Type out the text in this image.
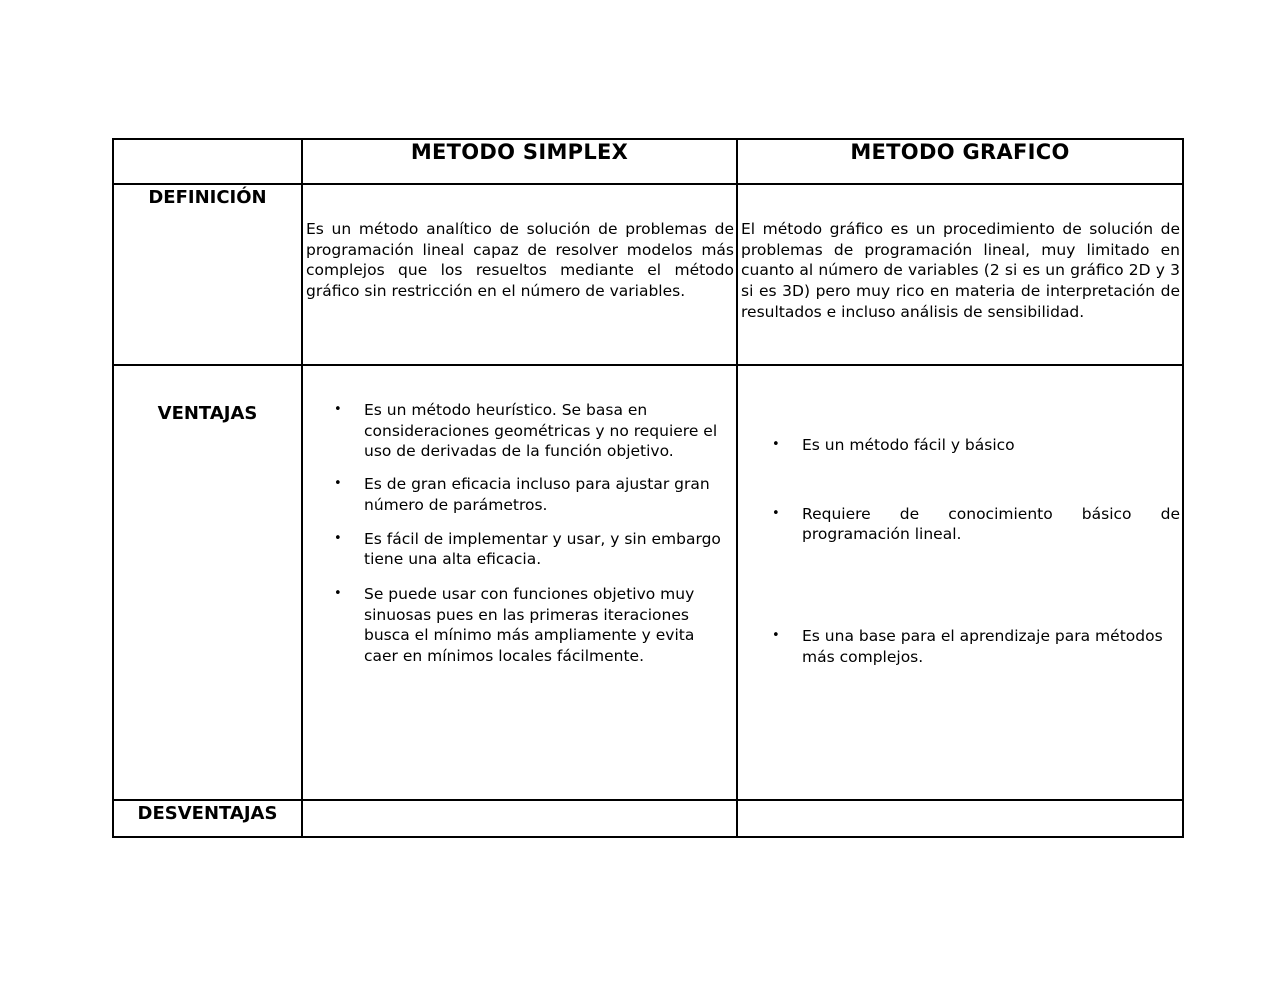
METODO SIMPLEX	METODO GRAFICO
DEFINICIÓN
Es un método analítico de solución de problemas de programación lineal capaz de resolver modelos más complejos que los resueltos mediante el método gráfico sin restricción en el número de variables.
El método gráfico es un procedimiento de solución de problemas de programación lineal, muy limitado en cuanto al número de variables (2 si es un gráfico 2D y 3 si es 3D) pero muy rico en materia de interpretación de resultados e incluso análisis de sensibilidad.
VENTAJAS	• Es un método heurístico. Se basa en consideraciones geométricas y no requiere el uso de derivadas de la función objetivo.
• Es de gran eficacia incluso para ajustar gran número de parámetros.
• Es fácil de implementar y usar, y sin embargo tiene una alta eficacia.
• Se puede usar con funciones objetivo muy sinuosas pues en las primeras iteraciones busca el mínimo más ampliamente y evita caer en mínimos locales fácilmente.
• Es un método fácil y básico
• Requiere de conocimiento básico de programación lineal.
• Es una base para el aprendizaje para métodos más complejos.
DESVENTAJAS
